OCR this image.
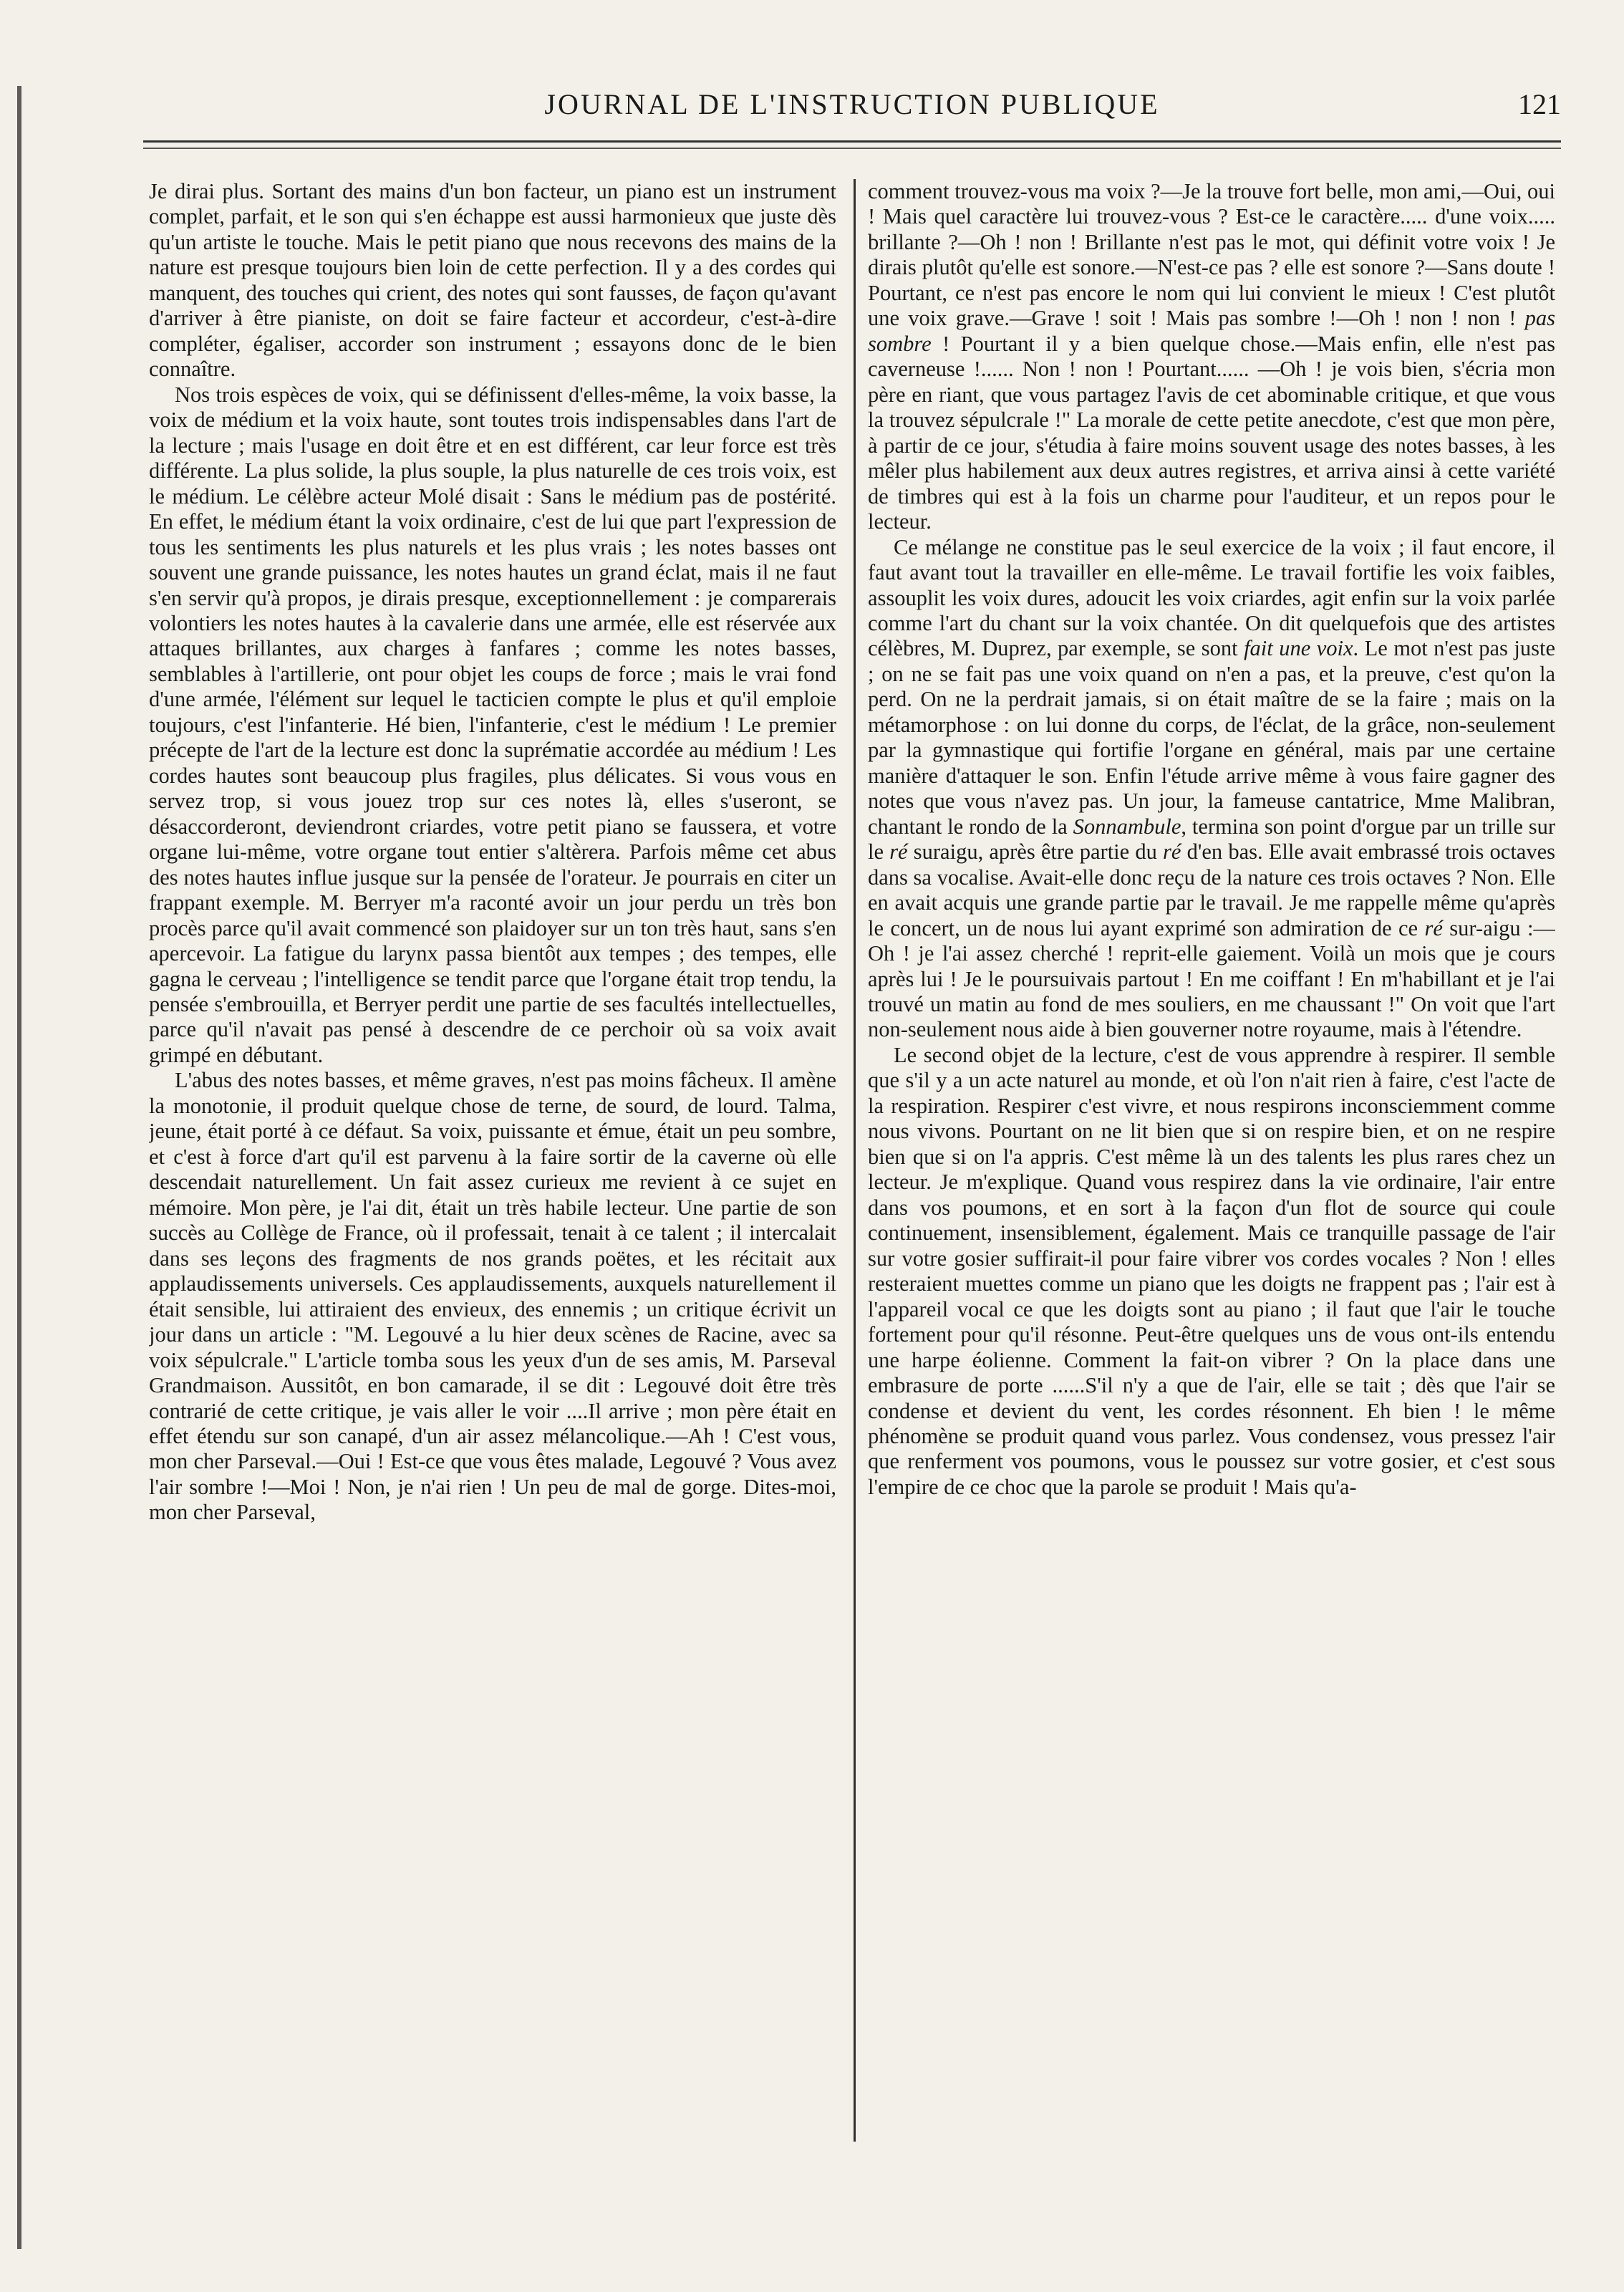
JOURNAL DE L'INSTRUCTION PUBLIQUE	121

Je dirai plus. Sortant des mains d'un bon facteur, un piano est un instrument complet, parfait, et le son qui s'en échappe est aussi harmonieux que juste dès qu'un artiste le touche. Mais le petit piano que nous recevons des mains de la nature est presque toujours bien loin de cette perfection. Il y a des cordes qui manquent, des touches qui crient, des notes qui sont fausses, de façon qu'avant d'arriver à être pianiste, on doit se faire facteur et accordeur, c'est-à-dire compléter, égaliser, accorder son instrument ; essayons donc de le bien connaître.

Nos trois espèces de voix, qui se définissent d'elles-même, la voix basse, la voix de médium et la voix haute, sont toutes trois indispensables dans l'art de la lecture ; mais l'usage en doit être et en est différent, car leur force est très différente. La plus solide, la plus souple, la plus naturelle de ces trois voix, est le médium. Le célèbre acteur Molé disait : Sans le médium pas de postérité. En effet, le médium étant la voix ordinaire, c'est de lui que part l'expression de tous les sentiments les plus naturels et les plus vrais ; les notes basses ont souvent une grande puissance, les notes hautes un grand éclat, mais il ne faut s'en servir qu'à propos, je dirais presque, exceptionnellement : je comparerais volontiers les notes hautes à la cavalerie dans une armée, elle est réservée aux attaques brillantes, aux charges à fanfares ; comme les notes basses, semblables à l'artillerie, ont pour objet les coups de force ; mais le vrai fond d'une armée, l'élément sur lequel le tacticien compte le plus et qu'il emploie toujours, c'est l'infanterie. Hé bien, l'infanterie, c'est le médium ! Le premier précepte de l'art de la lecture est donc la suprématie accordée au médium ! Les cordes hautes sont beaucoup plus fragiles, plus délicates. Si vous vous en servez trop, si vous jouez trop sur ces notes là, elles s'useront, se désaccorderont, deviendront criardes, votre petit piano se faussera, et votre organe lui-même, votre organe tout entier s'altèrera. Parfois même cet abus des notes hautes influe jusque sur la pensée de l'orateur. Je pourrais en citer un frappant exemple. M. Berryer m'a raconté avoir un jour perdu un très bon procès parce qu'il avait commencé son plaidoyer sur un ton très haut, sans s'en apercevoir. La fatigue du larynx passa bientôt aux tempes ; des tempes, elle gagna le cerveau ; l'intelligence se tendit parce que l'organe était trop tendu, la pensée s'embrouilla, et Berryer perdit une partie de ses facultés intellectuelles, parce qu'il n'avait pas pensé à descendre de ce perchoir où sa voix avait grimpé en débutant.

L'abus des notes basses, et même graves, n'est pas moins fâcheux. Il amène la monotonie, il produit quelque chose de terne, de sourd, de lourd. Talma, jeune, était porté à ce défaut. Sa voix, puissante et émue, était un peu sombre, et c'est à force d'art qu'il est parvenu à la faire sortir de la caverne où elle descendait naturellement. Un fait assez curieux me revient à ce sujet en mémoire. Mon père, je l'ai dit, était un très habile lecteur. Une partie de son succès au Collège de France, où il professait, tenait à ce talent ; il intercalait dans ses leçons des fragments de nos grands poëtes, et les récitait aux applaudissements universels. Ces applaudissements, auxquels naturellement il était sensible, lui attiraient des envieux, des ennemis ; un critique écrivit un jour dans un article : "M. Legouvé a lu hier deux scènes de Racine, avec sa voix sépulcrale." L'article tomba sous les yeux d'un de ses amis, M. Parseval Grandmaison. Aussitôt, en bon camarade, il se dit : Legouvé doit être très contrarié de cette critique, je vais aller le voir ....Il arrive ; mon père était en effet étendu sur son canapé, d'un air assez mélancolique.—Ah ! C'est vous, mon cher Parseval.—Oui ! Est-ce que vous êtes malade, Legouvé ? Vous avez l'air sombre !—Moi ! Non, je n'ai rien ! Un peu de mal de gorge. Dites-moi, mon cher Parseval,

comment trouvez-vous ma voix ?—Je la trouve fort belle, mon ami,—Oui, oui ! Mais quel caractère lui trouvez-vous ? Est-ce le caractère..... d'une voix..... brillante ?—Oh ! non ! Brillante n'est pas le mot, qui définit votre voix ! Je dirais plutôt qu'elle est sonore.—N'est-ce pas ? elle est sonore ?—Sans doute ! Pourtant, ce n'est pas encore le nom qui lui convient le mieux ! C'est plutôt une voix grave.—Grave ! soit ! Mais pas sombre !—Oh ! non ! non ! pas sombre ! Pourtant il y a bien quelque chose.—Mais enfin, elle n'est pas caverneuse !...... Non ! non ! Pourtant...... —Oh ! je vois bien, s'écria mon père en riant, que vous partagez l'avis de cet abominable critique, et que vous la trouvez sépulcrale !" La morale de cette petite anecdote, c'est que mon père, à partir de ce jour, s'étudia à faire moins souvent usage des notes basses, à les mêler plus habilement aux deux autres registres, et arriva ainsi à cette variété de timbres qui est à la fois un charme pour l'auditeur, et un repos pour le lecteur.

Ce mélange ne constitue pas le seul exercice de la voix ; il faut encore, il faut avant tout la travailler en elle-même. Le travail fortifie les voix faibles, assouplit les voix dures, adoucit les voix criardes, agit enfin sur la voix parlée comme l'art du chant sur la voix chantée. On dit quelquefois que des artistes célèbres, M. Duprez, par exemple, se sont fait une voix. Le mot n'est pas juste ; on ne se fait pas une voix quand on n'en a pas, et la preuve, c'est qu'on la perd. On ne la perdrait jamais, si on était maître de se la faire ; mais on la métamorphose : on lui donne du corps, de l'éclat, de la grâce, non-seulement par la gymnastique qui fortifie l'organe en général, mais par une certaine manière d'attaquer le son. Enfin l'étude arrive même à vous faire gagner des notes que vous n'avez pas. Un jour, la fameuse cantatrice, Mme Malibran, chantant le rondo de la Sonnambule, termina son point d'orgue par un trille sur le ré suraigu, après être partie du ré d'en bas. Elle avait embrassé trois octaves dans sa vocalise. Avait-elle donc reçu de la nature ces trois octaves ? Non. Elle en avait acquis une grande partie par le travail. Je me rappelle même qu'après le concert, un de nous lui ayant exprimé son admiration de ce ré sur-aigu :—Oh ! je l'ai assez cherché ! reprit-elle gaiement. Voilà un mois que je cours après lui ! Je le poursuivais partout ! En me coiffant ! En m'habillant et je l'ai trouvé un matin au fond de mes souliers, en me chaussant !" On voit que l'art non-seulement nous aide à bien gouverner notre royaume, mais à l'étendre.

Le second objet de la lecture, c'est de vous apprendre à respirer. Il semble que s'il y a un acte naturel au monde, et où l'on n'ait rien à faire, c'est l'acte de la respiration. Respirer c'est vivre, et nous respirons inconsciemment comme nous vivons. Pourtant on ne lit bien que si on respire bien, et on ne respire bien que si on l'a appris. C'est même là un des talents les plus rares chez un lecteur. Je m'explique. Quand vous respirez dans la vie ordinaire, l'air entre dans vos poumons, et en sort à la façon d'un flot de source qui coule continuement, insensiblement, également. Mais ce tranquille passage de l'air sur votre gosier suffirait-il pour faire vibrer vos cordes vocales ? Non ! elles resteraient muettes comme un piano que les doigts ne frappent pas ; l'air est à l'appareil vocal ce que les doigts sont au piano ; il faut que l'air le touche fortement pour qu'il résonne. Peut-être quelques uns de vous ont-ils entendu une harpe éolienne. Comment la fait-on vibrer ? On la place dans une embrasure de porte ......S'il n'y a que de l'air, elle se tait ; dès que l'air se condense et devient du vent, les cordes résonnent. Eh bien ! le même phénomène se produit quand vous parlez. Vous condensez, vous pressez l'air que renferment vos poumons, vous le poussez sur votre gosier, et c'est sous l'empire de ce choc que la parole se produit ! Mais qu'a-
